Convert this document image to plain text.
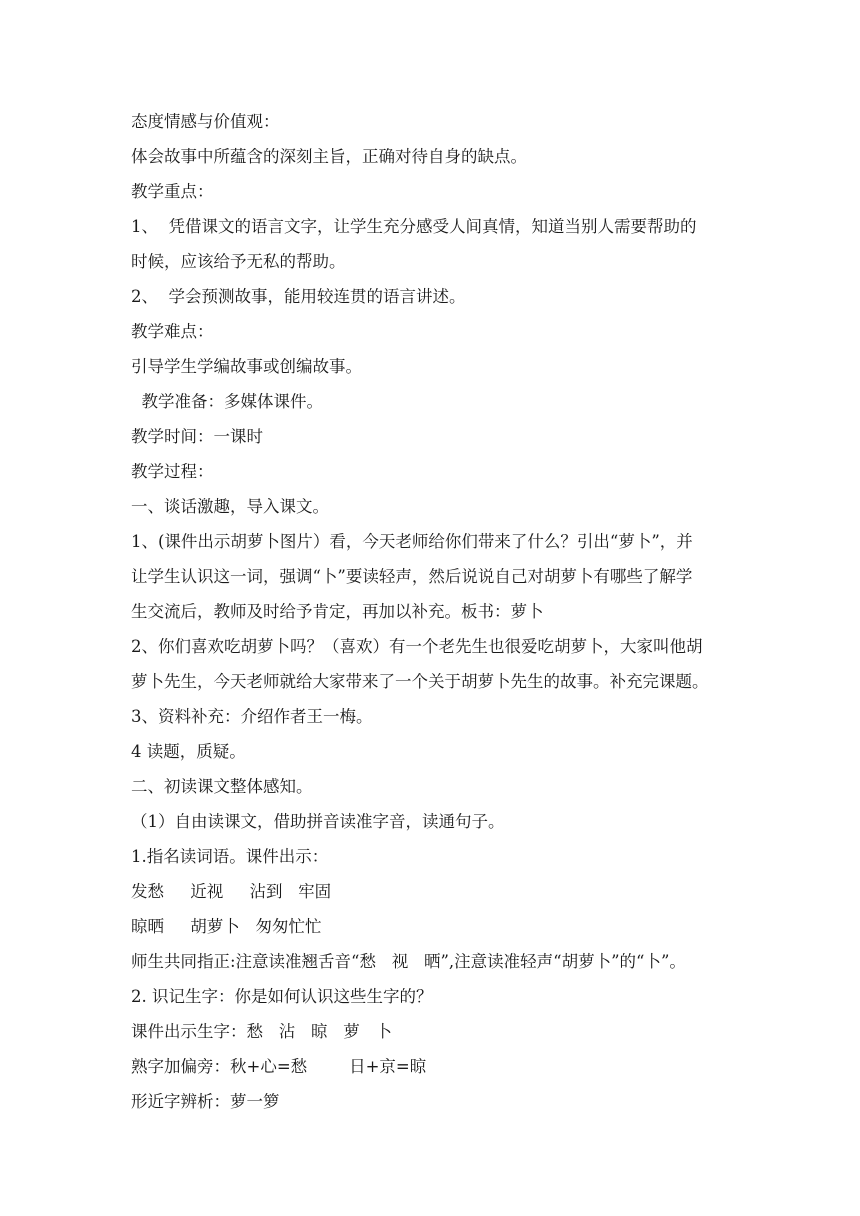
态度情感与价值观：
体会故事中所蕴含的深刻主旨，正确对待自身的缺点。
教学重点：
1、  凭借课文的语言文字，让学生充分感受人间真情，知道当别人需要帮助的
时候，应该给予无私的帮助。
2、  学会预测故事，能用较连贯的语言讲述。
教学难点：
引导学生学编故事或创编故事。
教学准备：多媒体课件。
教学时间：一课时
教学过程：
一、谈话激趣，导入课文。
1、(课件出示胡萝卜图片）看，今天老师给你们带来了什么？引出“萝卜”，并
让学生认识这一词，强调“卜”要读轻声，然后说说自己对胡萝卜有哪些了解学
生交流后，教师及时给予肯定，再加以补充。板书：萝卜
2、你们喜欢吃胡萝卜吗？（喜欢）有一个老先生也很爱吃胡萝卜，大家叫他胡
萝卜先生，今天老师就给大家带来了一个关于胡萝卜先生的故事。补充完课题。
3、资料补充：介绍作者王一梅。
4 读题，质疑。
二、初读课文整体感知。
（1）自由读课文，借助拼音读准字音，读通句子。
1.指名读词语。课件出示：
发愁     近视     沾到   牢固
晾晒     胡萝卜   匆匆忙忙
师生共同指正:注意读准翘舌音“愁   视   晒”,注意读准轻声“胡萝卜”的“卜”。
2. 识记生字：你是如何认识这些生字的？
课件出示生字：愁   沾   晾   萝   卜
熟字加偏旁：秋+心=愁        日+京=晾
形近字辨析：萝一箩
